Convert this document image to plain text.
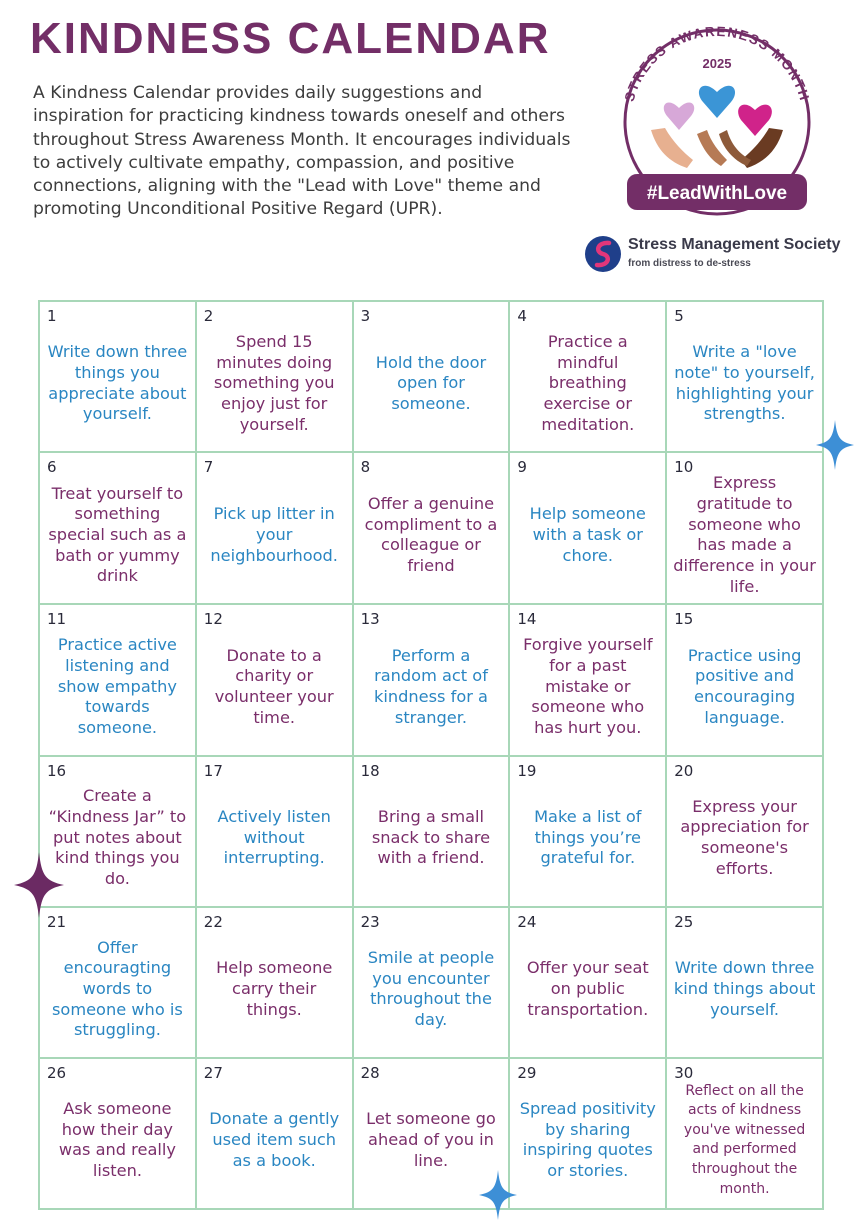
KINDNESS CALENDAR

A Kindness Calendar provides daily suggestions and inspiration for practicing kindness towards oneself and others throughout Stress Awareness Month. It encourages individuals to actively cultivate empathy, compassion, and positive connections, aligning with the "Lead with Love" theme and promoting Unconditional Positive Regard (UPR).

STRESS AWARENESS MONTH
2025
#LeadWithLove
Stress Management Society
from distress to de-stress
1

Write down three things you appreciate about yourself.

2

Spend 15 minutes doing something you enjoy just for yourself.

3

Hold the door open for someone.

4

Practice a mindful breathing exercise or meditation.

5

Write a "love note" to yourself, highlighting your strengths.

6

Treat yourself to something special such as a bath or yummy drink

7

Pick up litter in your neighbourhood.

8

Offer a genuine compliment to a colleague or friend

9

Help someone with a task or chore.

10

Express gratitude to someone who has made a difference in your life.

11

Practice active listening and show empathy towards someone.

12

Donate to a charity or volunteer your time.

13

Perform a random act of kindness for a stranger.

14

Forgive yourself for a past mistake or someone who has hurt you.

15

Practice using positive and encouraging language.

16

Create a “Kindness Jar” to put notes about kind things you do.

17

Actively listen without interrupting.

18

Bring a small snack to share with a friend.

19

Make a list of things you’re grateful for.

20

Express your appreciation for someone's efforts.

21

Offer encouragting words to someone who is struggling.

22

Help someone carry their things.

23

Smile at people you encounter throughout the day.

24

Offer your seat on public transportation.

25

Write down three kind things about yourself.

26

Ask someone how their day was and really listen.

27

Donate a gently used item such as a book.

28

Let someone go ahead of you in line.

29

Spread positivity by sharing inspiring quotes or stories.

30

Reflect on all the acts of kindness you've witnessed and performed throughout the month.
